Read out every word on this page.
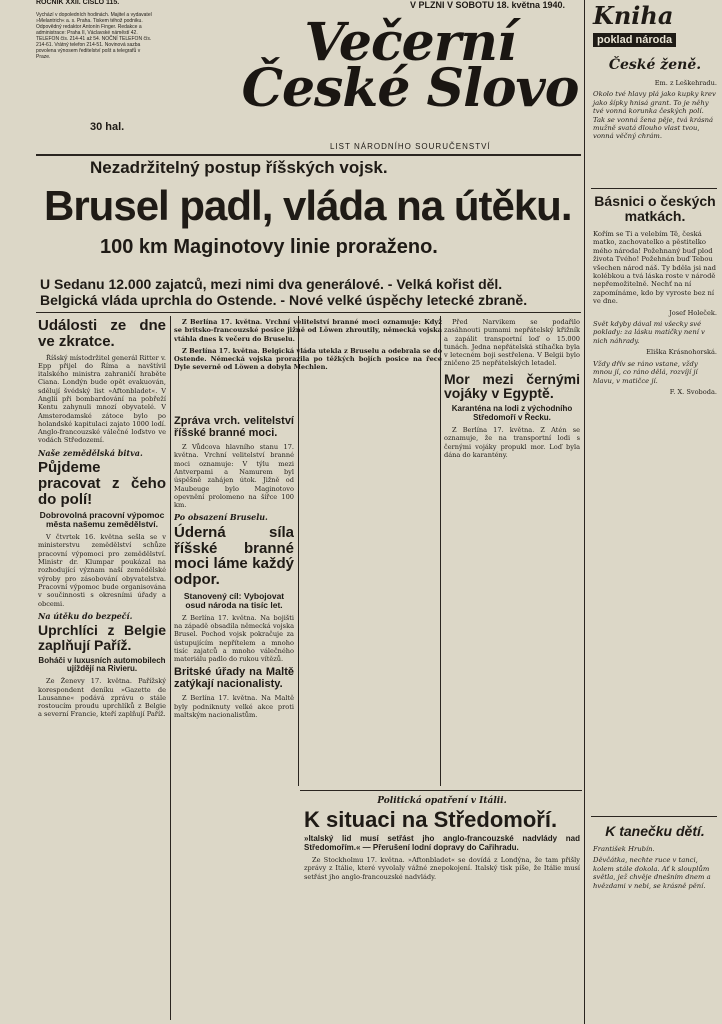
ROČNÍK XXII. ČÍSLO 115.
Vychází v dopoledních hodinách. Majitel a vydavatel »Melantrich« a. s. Praha. Tiskem téhož podniku. Odpovědný redaktor Antonín Finger. Redakce a administrace: Praha II, Václavské náměstí 42. TELEFON čís. 214-41 až 54. NOČNÍ TELEFON čís. 214-61. Vrátný telefon 214-51. Novinová sazba povolena výnosem ředitelství pošt a telegrafů v Praze.
30 hal.
V PLZNI V SOBOTU 18. května 1940.
Večerní
České Slovo
LIST NÁRODNÍHO SOURUČENSTVÍ
Nezadržitelný postup říšských vojsk.
Brusel padl, vláda na útěku.
100 km Maginotovy linie proraženo.
U Sedanu 12.000 zajatců, mezi nimi dva generálové. - Velká kořist děl.
Belgická vláda uprchla do Ostende. - Nové velké úspěchy letecké zbraně.
Události ze dne ve zkratce.

Říšský místodržitel generál Ritter v. Epp přijel do Říma a navštívil italského ministra zahraničí hraběte Ciana. Londýn bude opět evakuován, sdělují švédský list »Aftonbladet«. V Anglii při bombardování na pobřeží Kentu zahynuli mnozí obyvatelé. V Amsterodamské zátoce bylo po holandské kapitulaci zajato 1000 lodí. Anglo-francouzské válečné loďstvo ve vodách Středozemí.

Naše zemědělská bitva.
Půjdeme pracovat z čeho do polí!
Dobrovolná pracovní výpomoc města našemu zemědělství.

V čtvrtek 16. května sešla se v ministerstvu zemědělství schůze pracovní výpomoci pro zemědělství. Ministr dr. Klumpar poukázal na rozhodující význam naší zemědělské výroby pro zásobování obyvatelstva. Pracovní výpomoc bude organisována v součinnosti s okresními úřady a obcemi.

Na útěku do bezpečí.
Uprchlíci z Belgie zaplňují Paříž.
Boháči v luxusních automobilech ujíždějí na Rivieru.

Ze Ženevy 17. května. Pařížský korespondent deníku »Gazette de Lausanne« podává zprávu o stále rostoucím proudu uprchlíků z Belgie a severní Francie, kteří zaplňují Paříž.

Z Berlína 17. května. Vrchní velitelství branné moci oznamuje: Když se britsko-francouzské posice jižně od Löwen zhroutily, německá vojska vtáhla dnes k večeru do Bruselu.

Z Berlína 17. května. Belgická vláda utekla z Bruselu a odebrala se do Ostende. Německá vojska prorazila po těžkých bojích posice na řece Dyle severně od Löwen a dobyla Mechlen.

Zpráva vrch. velitelství říšské branné moci.

Z Vůdcova hlavního stanu 17. května. Vrchní velitelství branné moci oznamuje: V týlu mezi Antverpami a Namurem byl úspěšně zahájen útok. Jižně od Maubeuge bylo Maginotovo opevnění prolomeno na šířce 100 km.

Po obsazení Bruselu.
Úderná síla říšské branné moci láme každý odpor.
Stanovený cíl: Vybojovat osud národa na tisíc let.

Z Berlína 17. května. Na bojišti na západě obsadila německá vojska Brusel. Pochod vojsk pokračuje za ústupujícím nepřítelem a mnoho tisíc zajatců a mnoho válečného materiálu padlo do rukou vítězů.

Britské úřady na Maltě zatýkají nacionalisty.

Z Berlína 17. května. Na Maltě byly podniknuty velké akce proti maltským nacionalistům.

Před Narvikem se podařilo zasáhnouti pumami nepřátelský křižník a zapálit transportní loď o 15.000 tunách. Jedna nepřátelská stíhačka byla v letecném boji sestřelena. V Belgii bylo zničeno 25 nepřátelských letadel.

Mor mezi černými vojáky v Egyptě.
Karanténa na lodi z východního Středomoří v Řecku.

Z Berlína 17. května. Z Atén se oznamuje, že na transportní lodi s černými vojáky propukl mor. Loď byla dána do karantény.

Politická opatření v Itálii.
K situaci na Středomoří.
»Italský lid musí setřást jho anglo-francouzské nadvlády nad Středomořím.« — Přerušení lodní dopravy do Cařihradu.

Ze Stockholmu 17. května. »Aftonbladet« se dovídá z Londýna, že tam přišly zprávy z Itálie, které vyvolaly vážné znepokojení. Italský tisk píše, že Itálie musí setřást jho anglo-francouzské nadvlády.

Kniha
poklad národa
České ženě.

Em. z Leškehradu.

Okolo tvé hlavy plá jako kupky krev jako šípky hnisá grant. To je něhy tvé vonná korunka českých polí. Tak se vonná žena pěje, tvá krásná mužně svatá dlouho vlast tvou, vonná věčný chrám.

Básnici o českých matkách.

Kořím se Ti a velebím Tě, česká matko, zachovatelko a pěstitelko mého národa! Požehnaný buď plod života Tvého! Požehnán buď Tebou všechen národ náš. Ty bděla jsi nad kolébkou a tvá láska roste v národě nepřemožitelně. Nechť na ní zapomínáme, kdo by vyroste bez ní ve dne.

Josef Holeček.

Svět kdyby dával mi všecky své poklady: za lásku matičky není v nich náhrady.

Eliška Krásnohorská.

Vždy dřív se ráno vstane, vždy mnou jí, co ráno dělá, rozvíjí jí hlavu, v matičce jí.

F. X. Svoboda.

K tanečku dětí.

František Hrubín.

Děvčátka, nechte ruce v tanci, kolem stále dokola. Ať k slouplům světla, jež chvěje dnešním dnem a hvězdami v nebi, se krásně pění.
